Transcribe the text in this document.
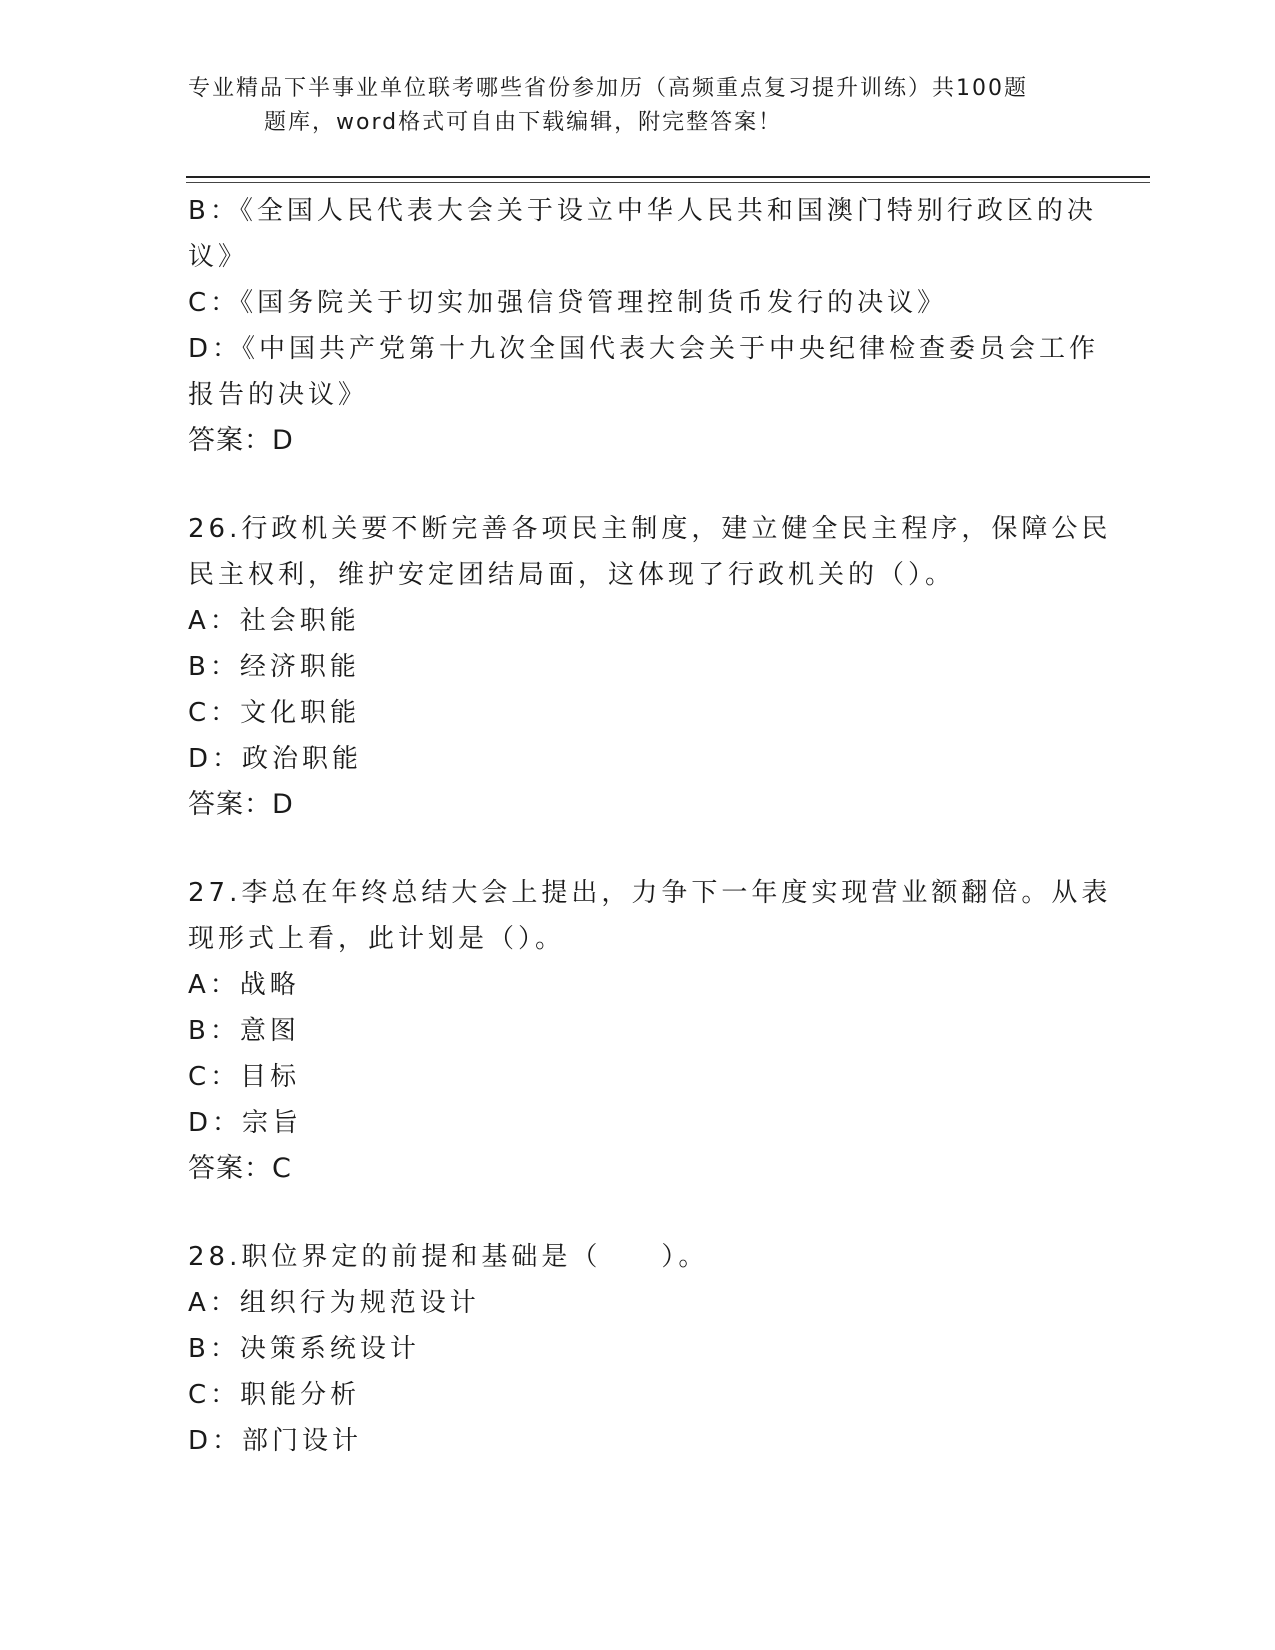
专业精品下半事业单位联考哪些省份参加历（高频重点复习提升训练）共100题
题库，word格式可自由下载编辑，附完整答案！
B：《全国人民代表大会关于设立中华人民共和国澳门特别行政区的决
议》
C：《国务院关于切实加强信贷管理控制货币发行的决议》
D：《中国共产党第十九次全国代表大会关于中央纪律检查委员会工作
报告的决议》
答案：D
26.行政机关要不断完善各项民主制度，建立健全民主程序，保障公民
民主权利，维护安定团结局面，这体现了行政机关的（）。
A：社会职能
B：经济职能
C：文化职能
D：政治职能
答案：D
27.李总在年终总结大会上提出，力争下一年度实现营业额翻倍。从表
现形式上看，此计划是（）。
A：战略
B：意图
C：目标
D：宗旨
答案：C
28.职位界定的前提和基础是（　　）。
A：组织行为规范设计
B：决策系统设计
C：职能分析
D：部门设计
